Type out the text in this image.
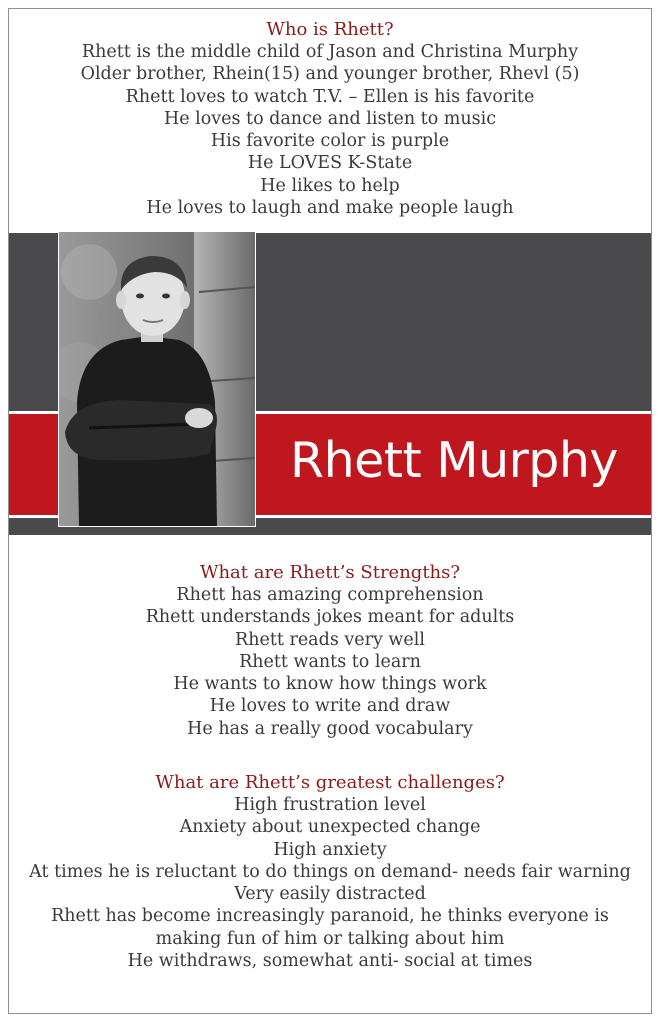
Who is Rhett?
Rhett is the middle child of Jason and Christina Murphy
Older brother, Rhein(15) and younger brother, Rhevl (5)
Rhett loves to watch T.V. – Ellen is his favorite
He loves to dance and listen to music
His favorite color is purple
He LOVES K-State
He likes to help
He loves to laugh and make people laugh
Rhett Murphy
What are Rhett’s Strengths?
Rhett has amazing comprehension
Rhett understands jokes meant for adults
Rhett reads very well
Rhett wants to learn
He wants to know how things work
He loves to write and draw
He has a really good vocabulary
What are Rhett’s greatest challenges?
High frustration level
Anxiety about unexpected change
High anxiety
At times he is reluctant to do things on demand- needs fair warning
Very easily distracted
Rhett has become increasingly paranoid, he thinks everyone is making fun of him or talking about him
He withdraws, somewhat anti- social at times
